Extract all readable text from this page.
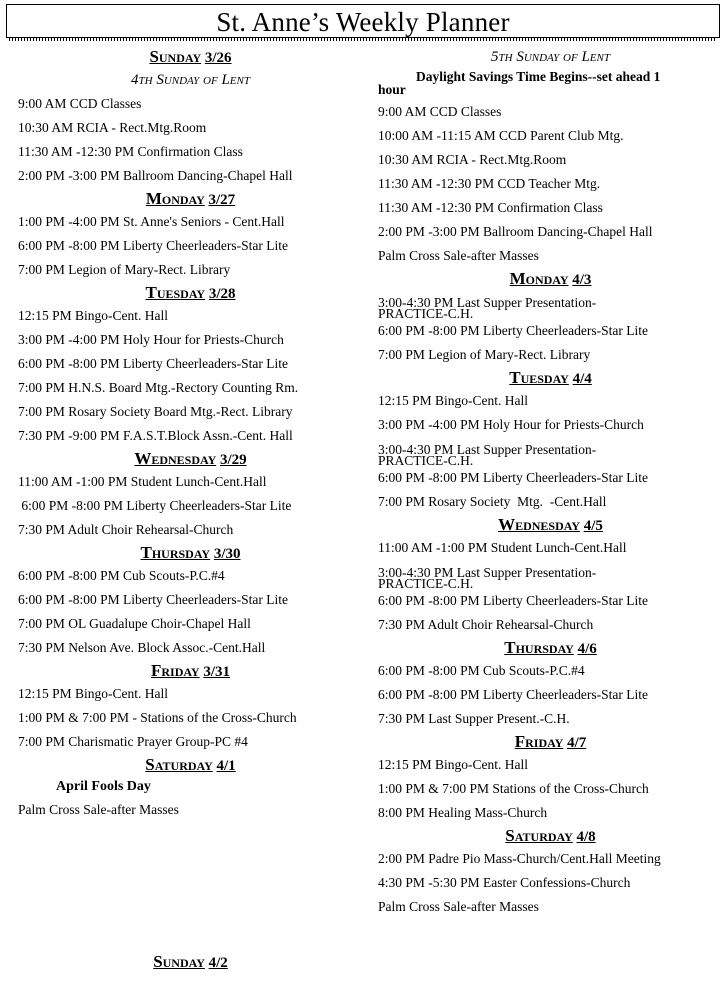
St. Anne’s Weekly Planner
Sunday 3/26
4th Sunday of Lent
9:00 AM CCD Classes
10:30 AM RCIA - Rect.Mtg.Room
11:30 AM -12:30 PM Confirmation Class
2:00 PM -3:00 PM Ballroom Dancing-Chapel Hall
Monday 3/27
1:00 PM -4:00 PM St. Anne's Seniors - Cent.Hall
6:00 PM -8:00 PM Liberty Cheerleaders-Star Lite
7:00 PM Legion of Mary-Rect. Library
Tuesday 3/28
12:15 PM Bingo-Cent. Hall
3:00 PM -4:00 PM Holy Hour for Priests-Church
6:00 PM -8:00 PM Liberty Cheerleaders-Star Lite
7:00 PM H.N.S. Board Mtg.-Rectory Counting Rm.
7:00 PM Rosary Society Board Mtg.-Rect. Library
7:30 PM -9:00 PM F.A.S.T.Block Assn.-Cent. Hall
Wednesday 3/29
11:00 AM -1:00 PM Student Lunch-Cent.Hall
6:00 PM -8:00 PM Liberty Cheerleaders-Star Lite
7:30 PM Adult Choir Rehearsal-Church
Thursday 3/30
6:00 PM -8:00 PM Cub Scouts-P.C.#4
6:00 PM -8:00 PM Liberty Cheerleaders-Star Lite
7:00 PM OL Guadalupe Choir-Chapel Hall
7:30 PM Nelson Ave. Block Assoc.-Cent.Hall
Friday 3/31
12:15 PM Bingo-Cent. Hall
1:00 PM & 7:00 PM - Stations of the Cross-Church
7:00 PM Charismatic Prayer Group-PC #4
Saturday 4/1
April Fools Day
Palm Cross Sale-after Masses
Sunday 4/2
5th Sunday of Lent
Daylight Savings Time Begins--set ahead 1
hour
9:00 AM CCD Classes
10:00 AM -11:15 AM CCD Parent Club Mtg.
10:30 AM RCIA - Rect.Mtg.Room
11:30 AM -12:30 PM CCD Teacher Mtg.
11:30 AM -12:30 PM Confirmation Class
2:00 PM -3:00 PM Ballroom Dancing-Chapel Hall
Palm Cross Sale-after Masses
Monday 4/3
3:00-4:30 PM Last Supper Presentation-
PRACTICE-C.H.
6:00 PM -8:00 PM Liberty Cheerleaders-Star Lite
7:00 PM Legion of Mary-Rect. Library
Tuesday 4/4
12:15 PM Bingo-Cent. Hall
3:00 PM -4:00 PM Holy Hour for Priests-Church
3:00-4:30 PM Last Supper Presentation-
PRACTICE-C.H.
6:00 PM -8:00 PM Liberty Cheerleaders-Star Lite
7:00 PM Rosary Society  Mtg.  -Cent.Hall
Wednesday 4/5
11:00 AM -1:00 PM Student Lunch-Cent.Hall
3:00-4:30 PM Last Supper Presentation-
PRACTICE-C.H.
6:00 PM -8:00 PM Liberty Cheerleaders-Star Lite
7:30 PM Adult Choir Rehearsal-Church
Thursday 4/6
6:00 PM -8:00 PM Cub Scouts-P.C.#4
6:00 PM -8:00 PM Liberty Cheerleaders-Star Lite
7:30 PM Last Supper Present.-C.H.
Friday 4/7
12:15 PM Bingo-Cent. Hall
1:00 PM & 7:00 PM Stations of the Cross-Church
8:00 PM Healing Mass-Church
Saturday 4/8
2:00 PM Padre Pio Mass-Church/Cent.Hall Meeting
4:30 PM -5:30 PM Easter Confessions-Church
Palm Cross Sale-after Masses
